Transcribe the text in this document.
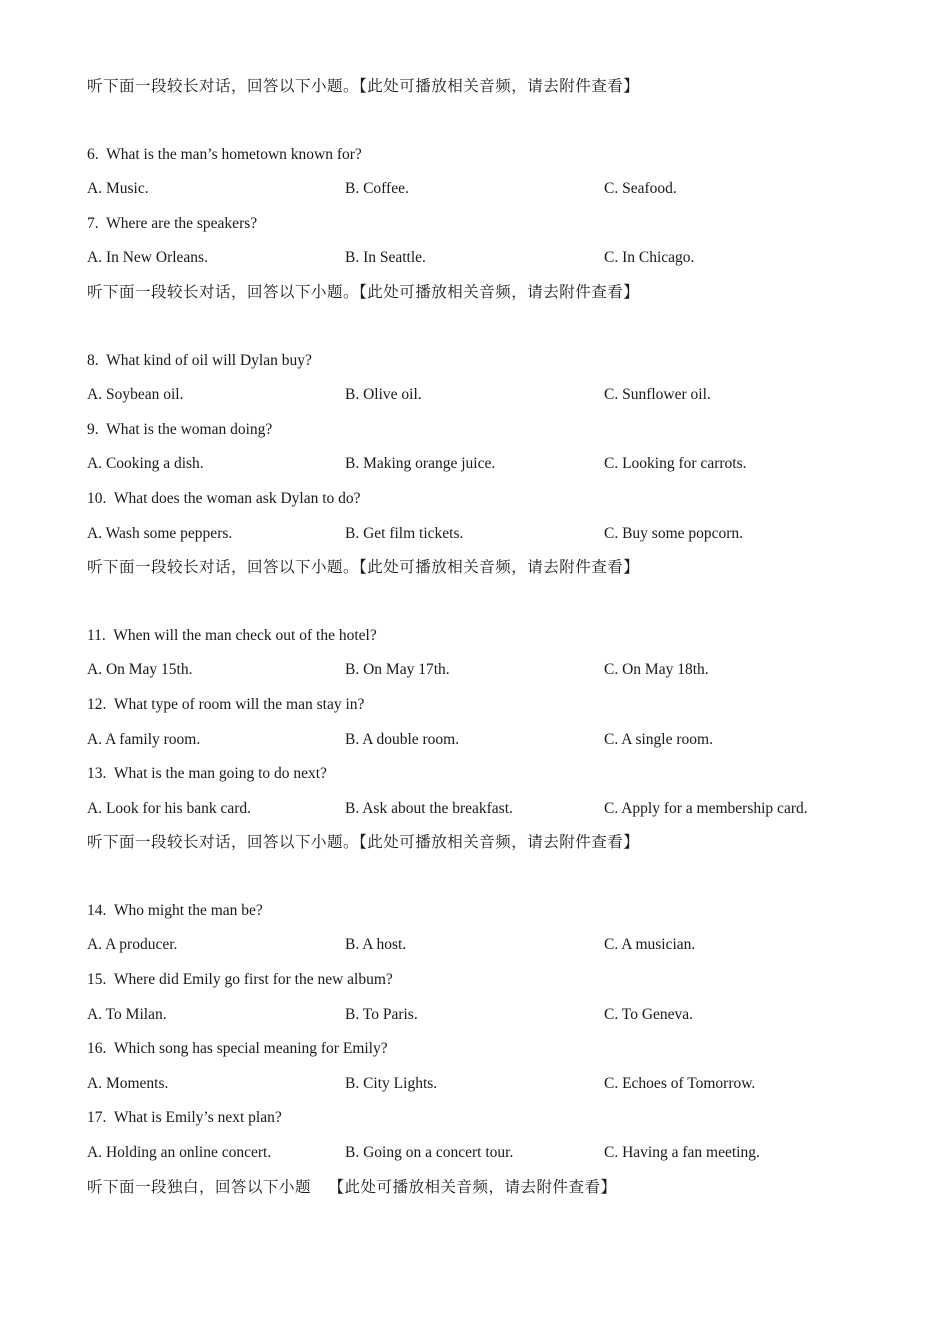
听下面一段较长对话，回答以下小题。【此处可播放相关音频，请去附件查看】
6. What is the man’s hometown known for?
A. Music.	B. Coffee.	C. Seafood.
7. Where are the speakers?
A. In New Orleans.	B. In Seattle.	C. In Chicago.
听下面一段较长对话，回答以下小题。【此处可播放相关音频，请去附件查看】
8. What kind of oil will Dylan buy?
A. Soybean oil.	B. Olive oil.	C. Sunflower oil.
9. What is the woman doing?
A. Cooking a dish.	B. Making orange juice.	C. Looking for carrots.
10. What does the woman ask Dylan to do?
A. Wash some peppers.	B. Get film tickets.	C. Buy some popcorn.
听下面一段较长对话，回答以下小题。【此处可播放相关音频，请去附件查看】
11. When will the man check out of the hotel?
A. On May 15th.	B. On May 17th.	C. On May 18th.
12. What type of room will the man stay in?
A. A family room.	B. A double room.	C. A single room.
13. What is the man going to do next?
A. Look for his bank card.	B. Ask about the breakfast.	C. Apply for a membership card.
听下面一段较长对话，回答以下小题。【此处可播放相关音频，请去附件查看】
14. Who might the man be?
A. A producer.	B. A host.	C. A musician.
15. Where did Emily go first for the new album?
A. To Milan.	B. To Paris.	C. To Geneva.
16. Which song has special meaning for Emily?
A. Moments.	B. City Lights.	C. Echoes of Tomorrow.
17. What is Emily’s next plan?
A. Holding an online concert.	B. Going on a concert tour.	C. Having a fan meeting.
听下面一段独白，回答以下小题    【此处可播放相关音频，请去附件查看】
